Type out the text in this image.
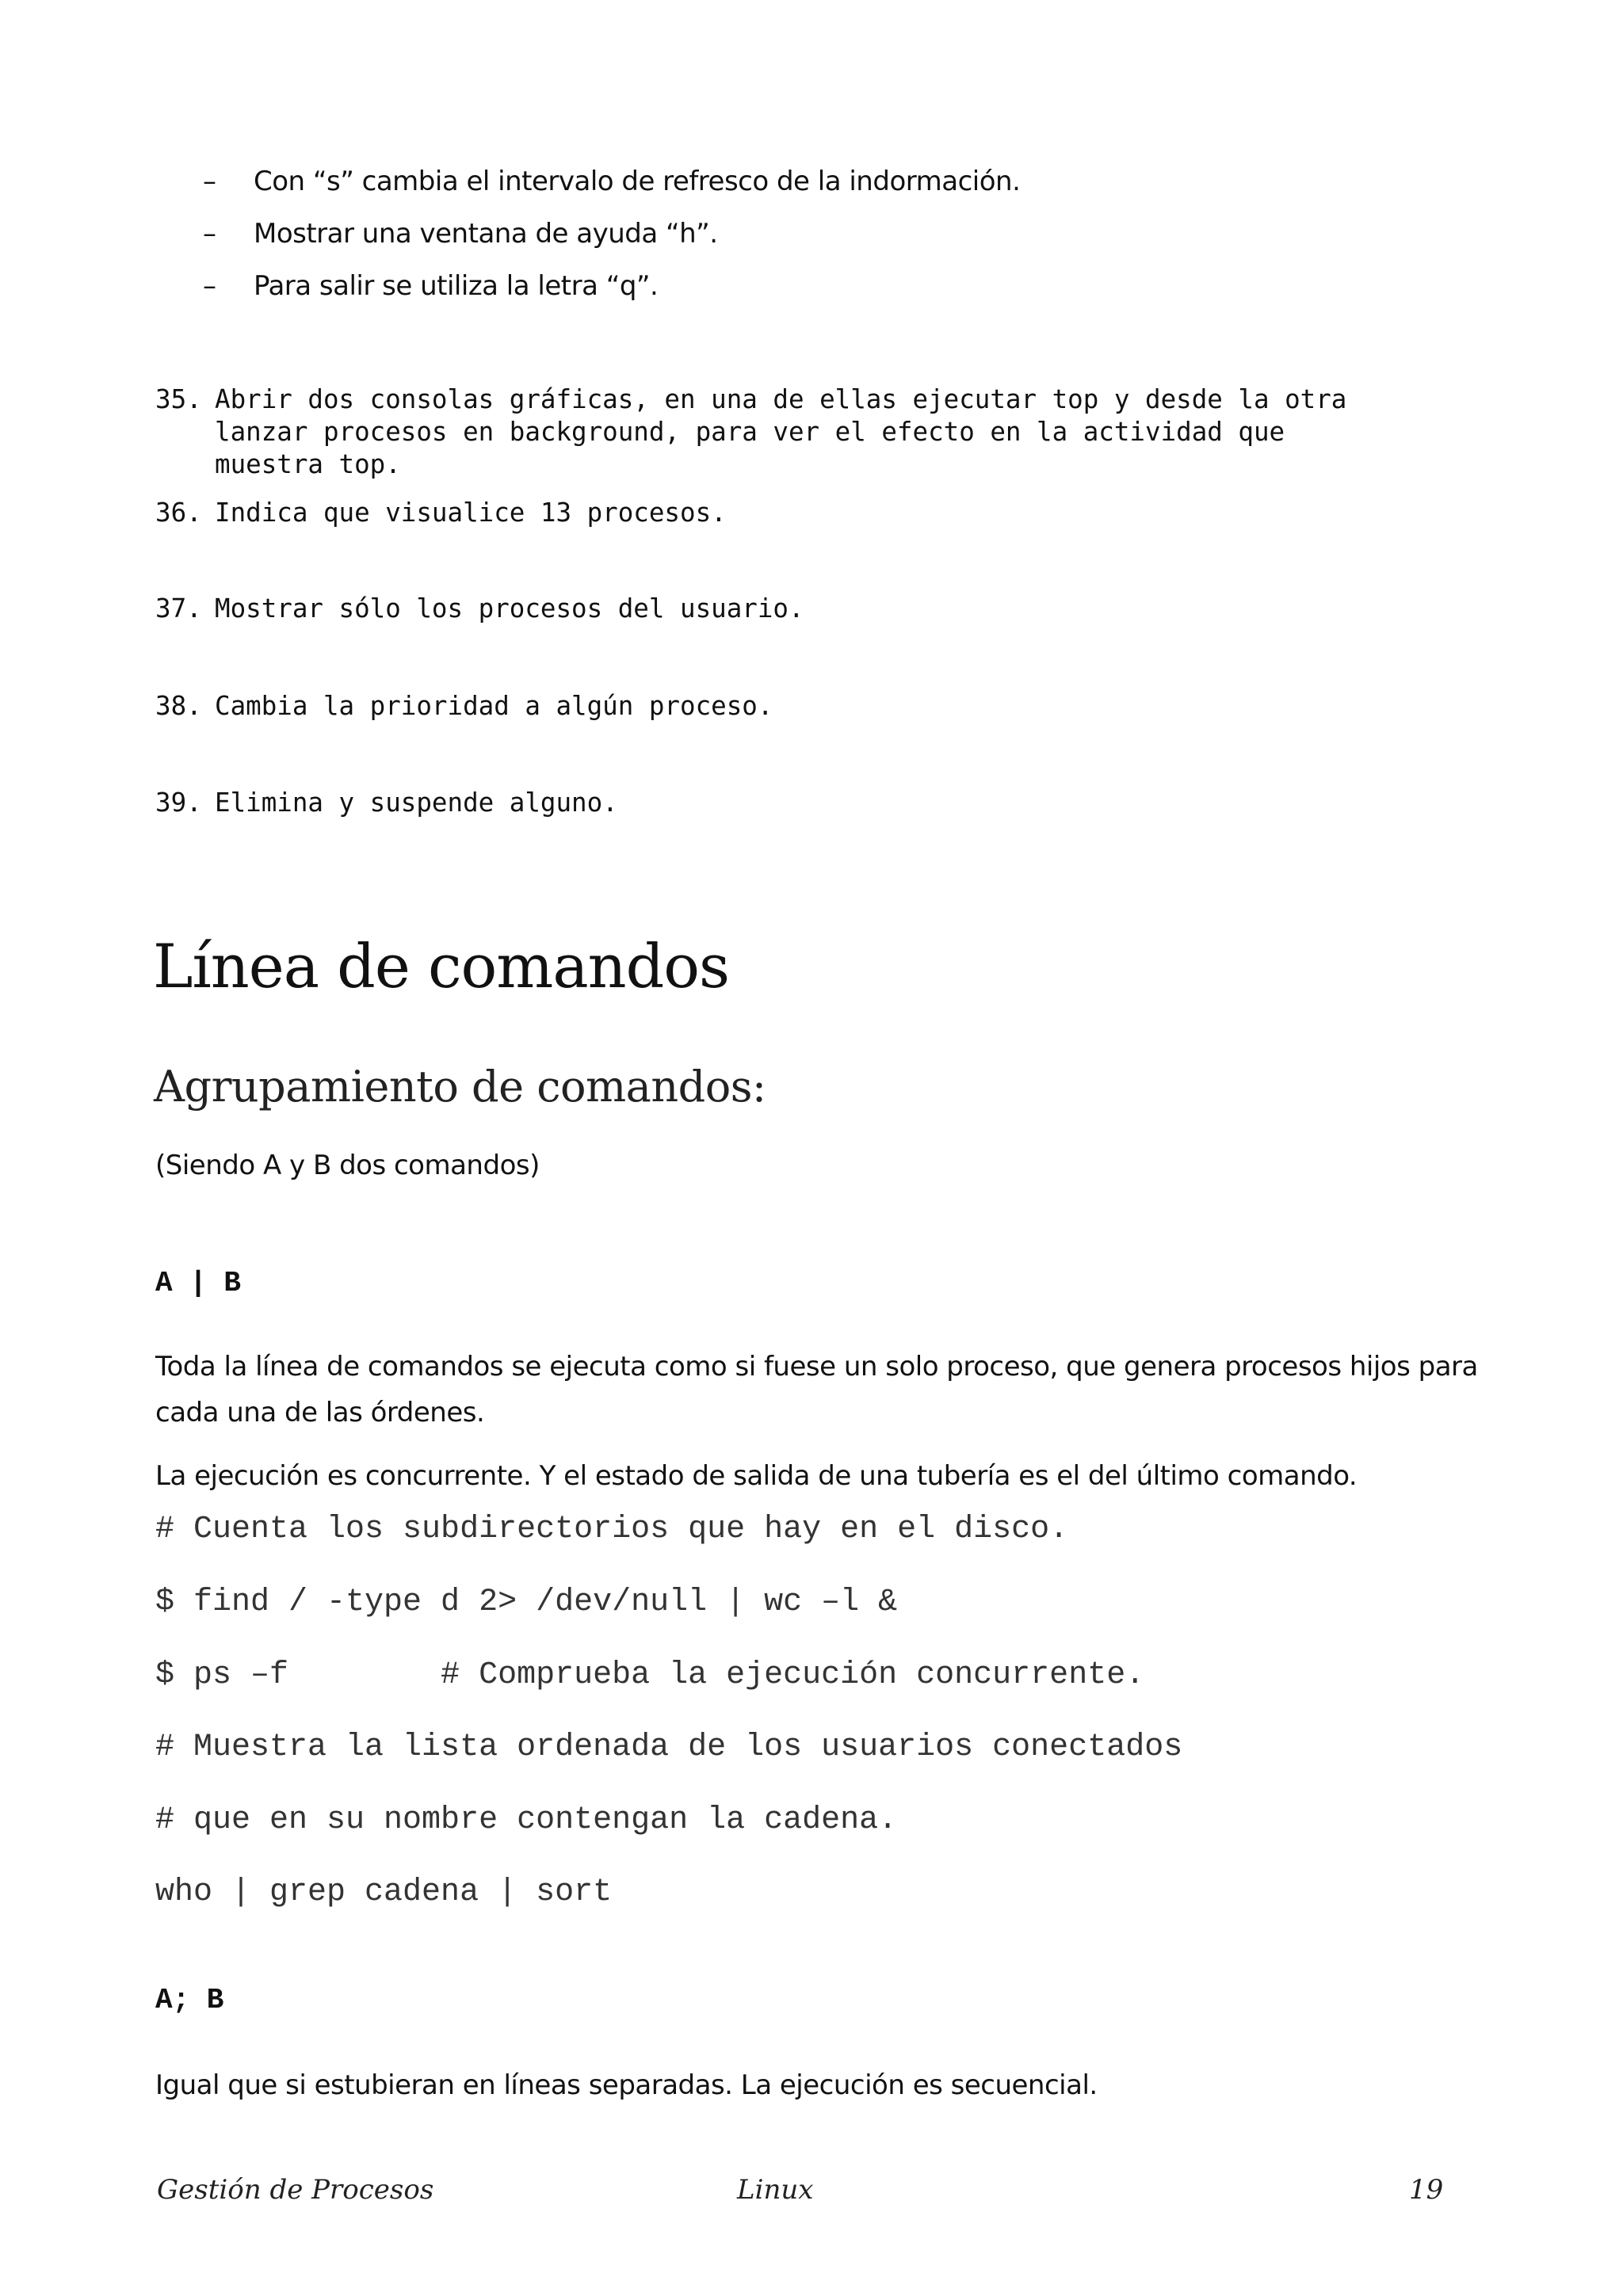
– Con “s” cambia el intervalo de refresco de la indormación.
– Mostrar una ventana de ayuda “h”.
– Para salir se utiliza la letra “q”.
35. Abrir dos consolas gráficas, en una de ellas ejecutar top y desde la otra
lanzar procesos en background, para ver el efecto en la actividad que
muestra top.
36. Indica que visualice 13 procesos.
37. Mostrar sólo los procesos del usuario.
38. Cambia la prioridad a algún proceso.
39. Elimina y suspende alguno.
Línea de comandos
Agrupamiento de comandos:

(Siendo A y B dos comandos)

A | B

Toda la línea de comandos se ejecuta como si fuese un solo proceso, que genera procesos hijos para
cada una de las órdenes.

La ejecución es concurrente. Y el estado de salida de una tubería es el del último comando.

# Cuenta los subdirectorios que hay en el disco.
$ find / -type d 2> /dev/null | wc –l &
$ ps –f        # Comprueba la ejecución concurrente.
# Muestra la lista ordenada de los usuarios conectados
# que en su nombre contengan la cadena.
who | grep cadena | sort
A; B

Igual que si estubieran en líneas separadas. La ejecución es secuencial.

Gestión de Procesos	Linux	19
